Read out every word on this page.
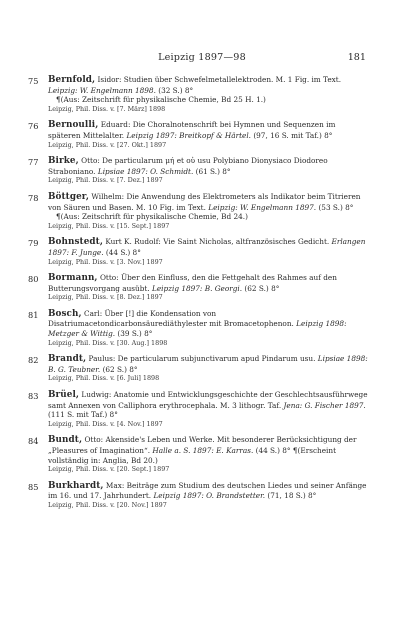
Leipzig 1897—98	181
75	Bernfold, Isidor: Studien über Schwefelmetallelektroden. M. 1 Fig. im Text. Leipzig: W. Engelmann 1898. (32 S.) 8°
¶(Aus: Zeitschrift für physikalische Chemie, Bd 25 H. 1.)
Leipzig, Phil. Diss. v. [7. März] 1898
76	Bernoulli, Eduard: Die Choralnotenschrift bei Hymnen und Sequenzen im späteren Mittelalter. Leipzig 1897: Breitkopf & Härtel. (97, 16 S. mit Taf.) 8°
Leipzig, Phil. Diss. v. [27. Okt.] 1897
77	Birke, Otto: De particularum μή et οὐ usu Polybiano Dionysiaco Diodoreo Straboniano. Lipsiae 1897: O. Schmidt. (61 S.) 8°
Leipzig, Phil. Diss. v. [7. Dez.] 1897
78	Böttger, Wilhelm: Die Anwendung des Elektrometers als Indikator beim Titrieren von Säuren und Basen. M. 10 Fig. im Text. Leipzig: W. Engelmann 1897. (53 S.) 8°
¶(Aus: Zeitschrift für physikalische Chemie, Bd 24.)
Leipzig, Phil. Diss. v. [15. Sept.] 1897
79	Bohnstedt, Kurt K. Rudolf: Vie Saint Nicholas, altfranzösisches Gedicht. Erlangen 1897: F. Junge. (44 S.) 8°
Leipzig, Phil. Diss. v. [3. Nov.] 1897
80	Bormann, Otto: Über den Einfluss, den die Fettgehalt des Rahmes auf den Butterungsvorgang ausübt. Leipzig 1897: B. Georgi. (62 S.) 8°
Leipzig, Phil. Diss. v. [8. Dez.] 1897
81	Bosch, Carl: Über [!] die Kondensation von Disatriumacetondicarbonsäurediäthylester mit Bromacetophenon. Leipzig 1898: Metzger & Wittig. (39 S.) 8°
Leipzig, Phil. Diss. v. [30. Aug.] 1898
82	Brandt, Paulus: De particularum subjunctivarum apud Pindarum usu. Lipsiae 1898: B. G. Teubner. (62 S.) 8°
Leipzig, Phil. Diss. v. [6. Juli] 1898
83	Brüel, Ludwig: Anatomie und Entwicklungsgeschichte der Geschlechtsausführwege samt Annexen von Calliphora erythrocephala. M. 3 lithogr. Taf. Jena: G. Fischer 1897. (111 S. mit Taf.) 8°
Leipzig, Phil. Diss. v. [4. Nov.] 1897
84	Bundt, Otto: Akenside's Leben und Werke. Mit besonderer Berücksichtigung der „Pleasures of Imagination“. Halle a. S. 1897: E. Karras. (44 S.) 8° ¶(Erscheint vollständig in: Anglia, Bd 20.)
Leipzig, Phil. Diss. v. [20. Sept.] 1897
85	Burkhardt, Max: Beiträge zum Studium des deutschen Liedes und seiner Anfänge im 16. und 17. Jahrhundert. Leipzig 1897: O. Brandstetter. (71, 18 S.) 8°
Leipzig, Phil. Diss. v. [20. Nov.] 1897
